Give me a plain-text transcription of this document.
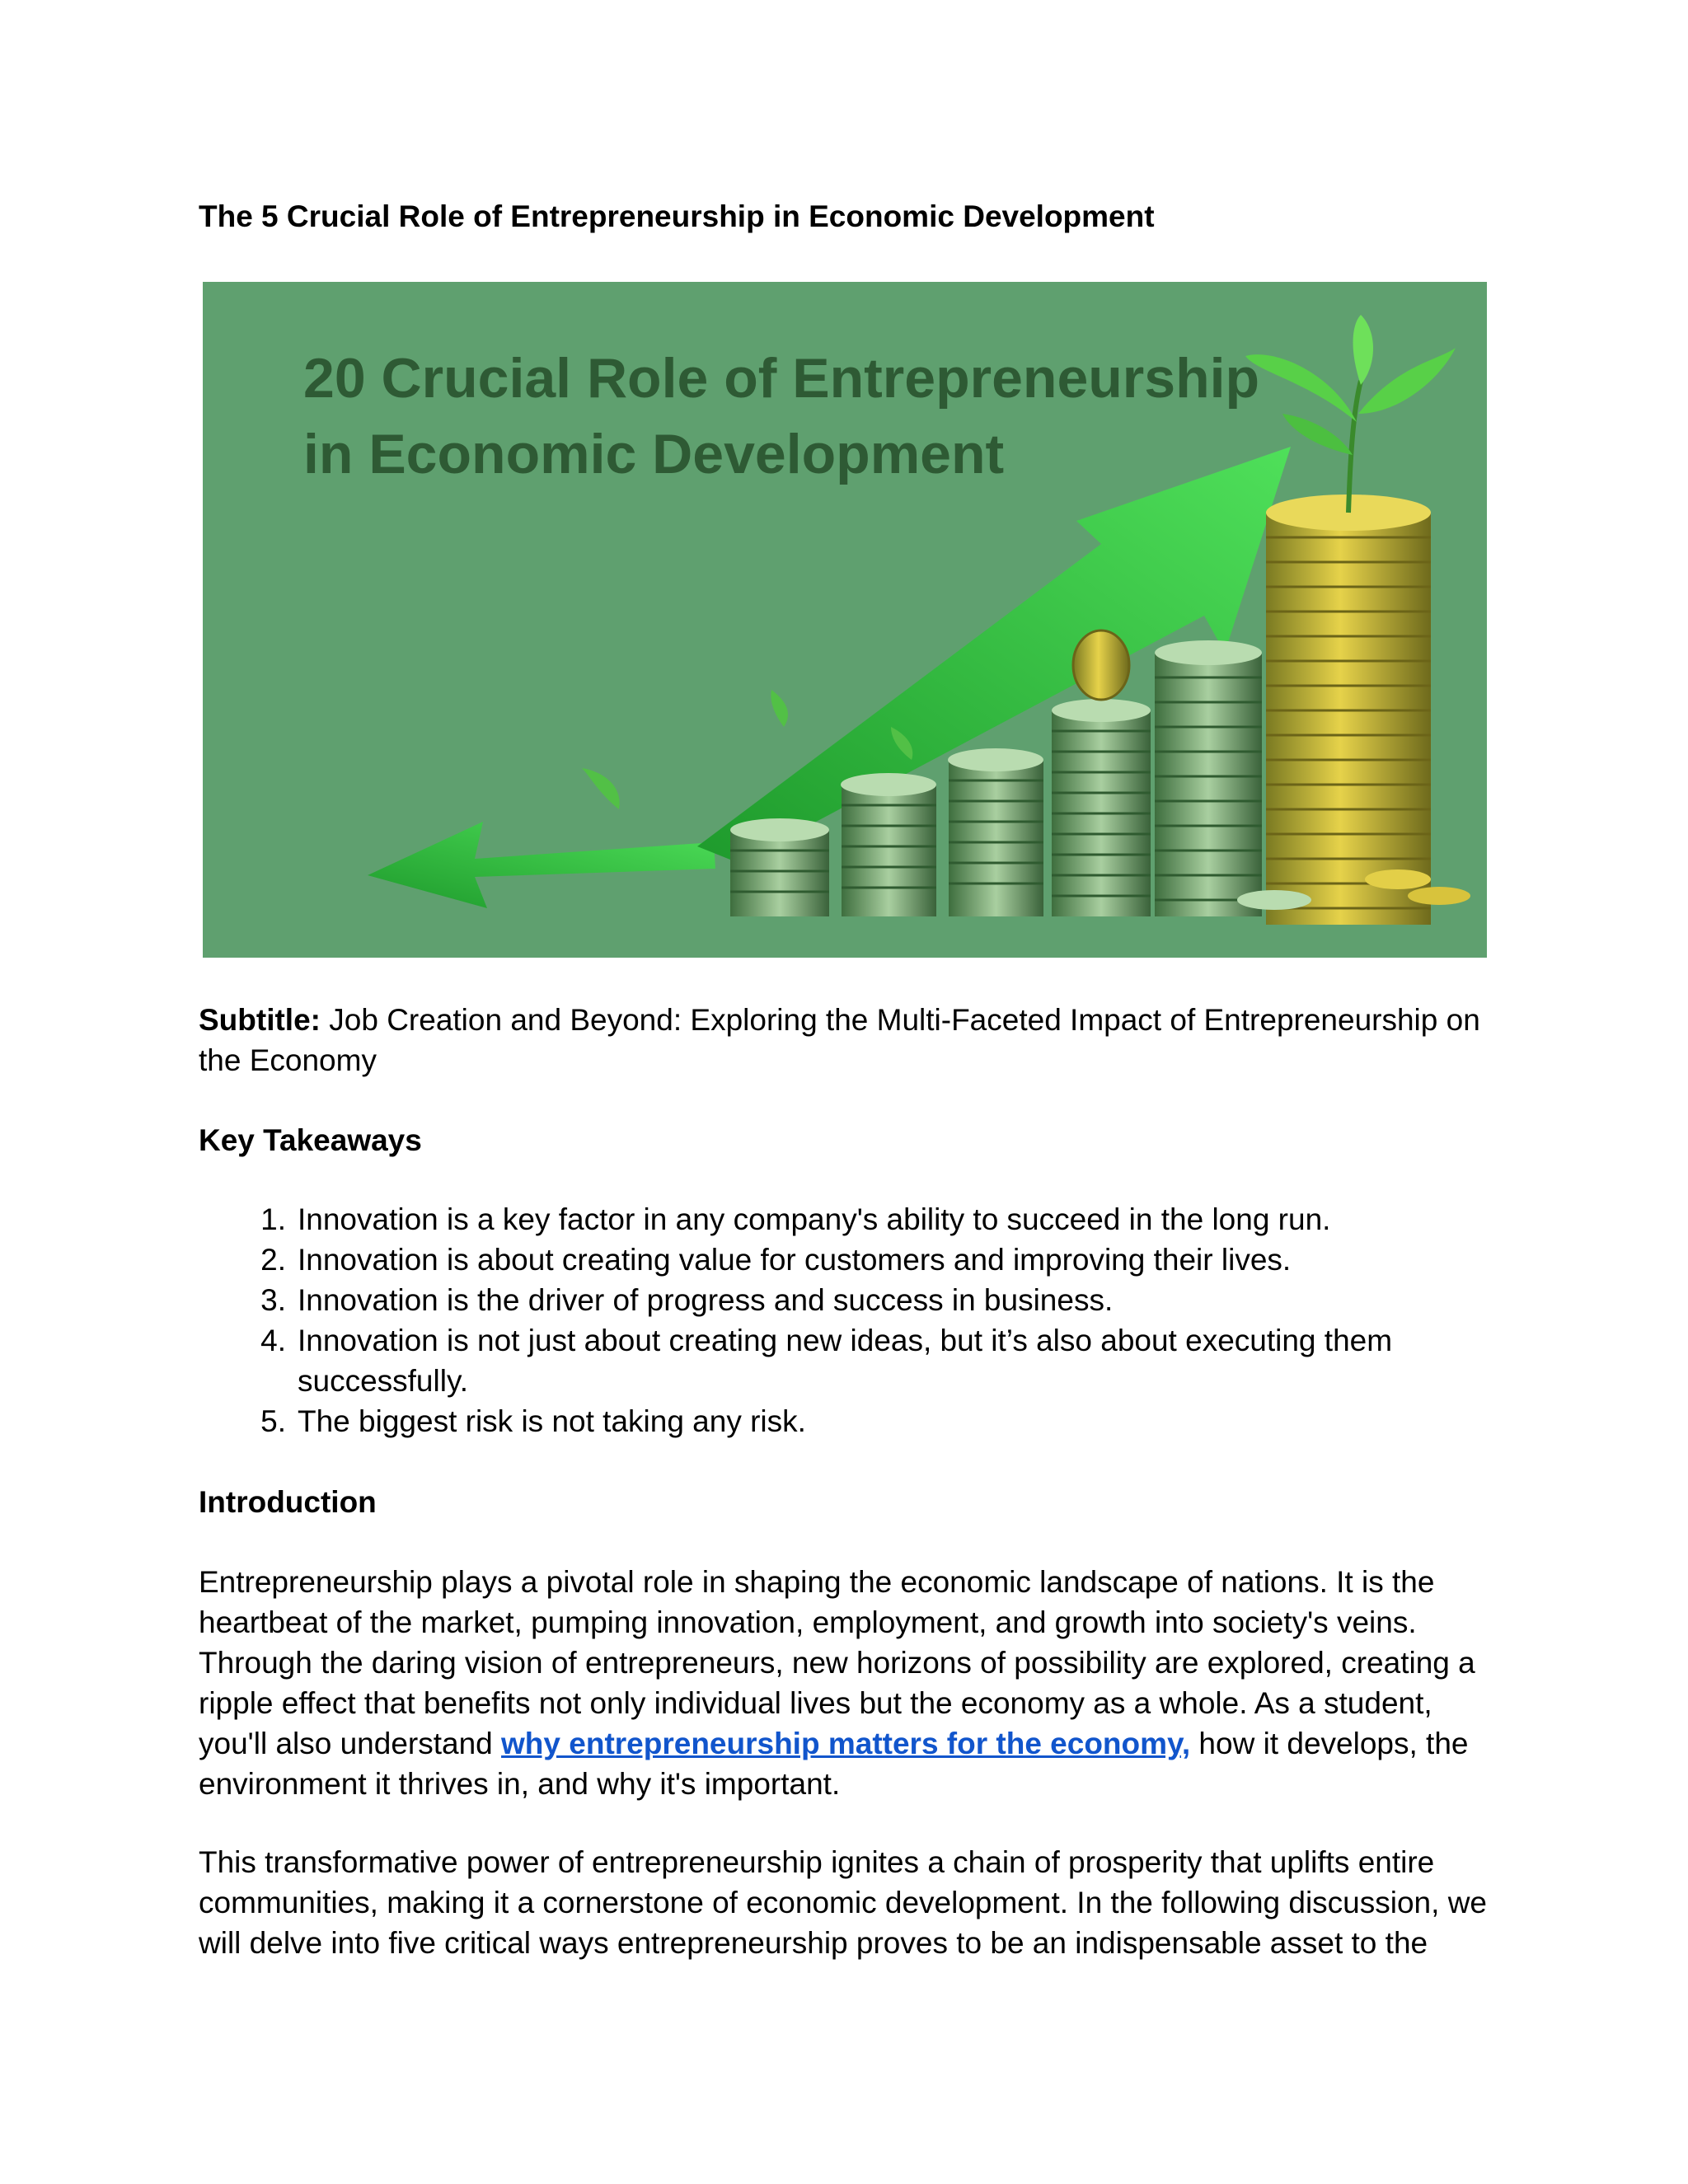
The 5 Crucial Role of Entrepreneurship in Economic Development
20 Crucial Role of Entrepreneurship
in Economic Development

Subtitle: Job Creation and Beyond: Exploring the Multi-Faceted Impact of Entrepreneurship on the Economy

Key Takeaways

1. Innovation is a key factor in any company's ability to succeed in the long run.
2. Innovation is about creating value for customers and improving their lives.
3. Innovation is the driver of progress and success in business.
4. Innovation is not just about creating new ideas, but it’s also about executing them successfully.
5. The biggest risk is not taking any risk.

Introduction

Entrepreneurship plays a pivotal role in shaping the economic landscape of nations. It is the heartbeat of the market, pumping innovation, employment, and growth into society's veins. Through the daring vision of entrepreneurs, new horizons of possibility are explored, creating a ripple effect that benefits not only individual lives but the economy as a whole. As a student, you'll also understand why entrepreneurship matters for the economy, how it develops, the environment it thrives in, and why it's important.

This transformative power of entrepreneurship ignites a chain of prosperity that uplifts entire communities, making it a cornerstone of economic development. In the following discussion, we will delve into five critical ways entrepreneurship proves to be an indispensable asset to the
